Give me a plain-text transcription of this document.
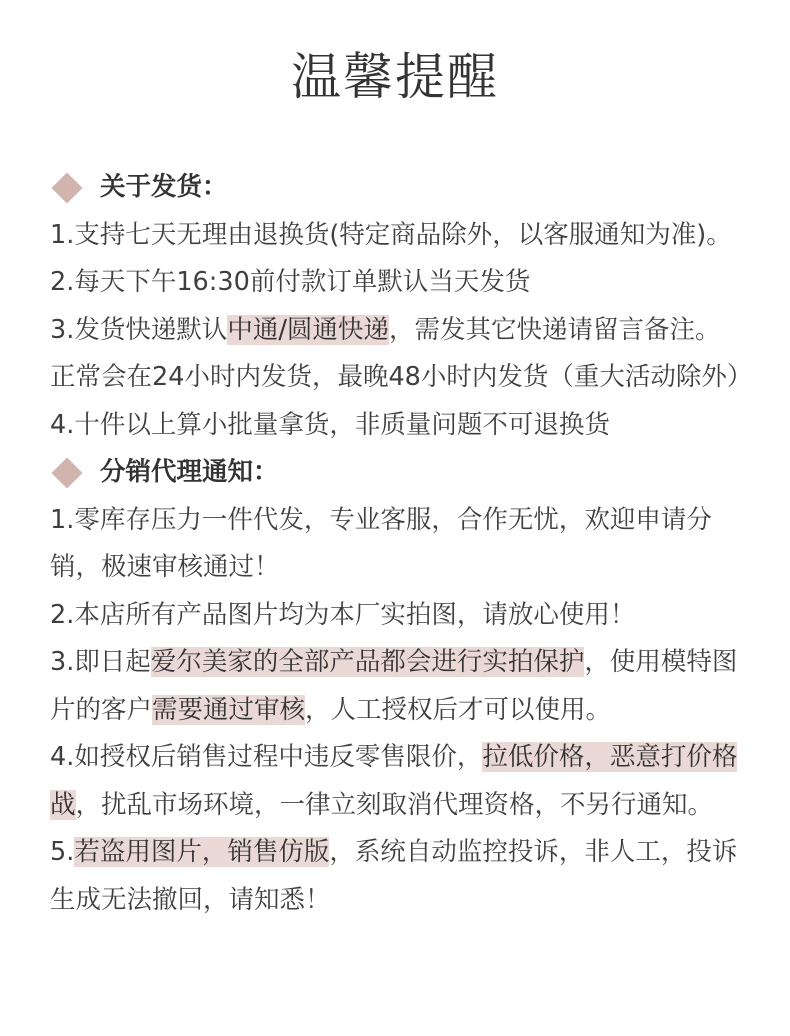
温馨提醒
关于发货：
1.支持七天无理由退换货(特定商品除外，以客服通知为准)。
2.每天下午16:30前付款订单默认当天发货
3.发货快递默认中通/圆通快递，需发其它快递请留言备注。
正常会在24小时内发货，最晚48小时内发货（重大活动除外）
4.十件以上算小批量拿货，非质量问题不可退换货
分销代理通知：
1.零库存压力一件代发，专业客服，合作无忧，欢迎申请分销，极速审核通过！
2.本店所有产品图片均为本厂实拍图，请放心使用！
3.即日起爱尔美家的全部产品都会进行实拍保护，使用模特图片的客户需要通过审核，人工授权后才可以使用。
4.如授权后销售过程中违反零售限价，拉低价格，恶意打价格战，扰乱市场环境，一律立刻取消代理资格，不另行通知。
5.若盗用图片，销售仿版，系统自动监控投诉，非人工，投诉生成无法撤回，请知悉！
